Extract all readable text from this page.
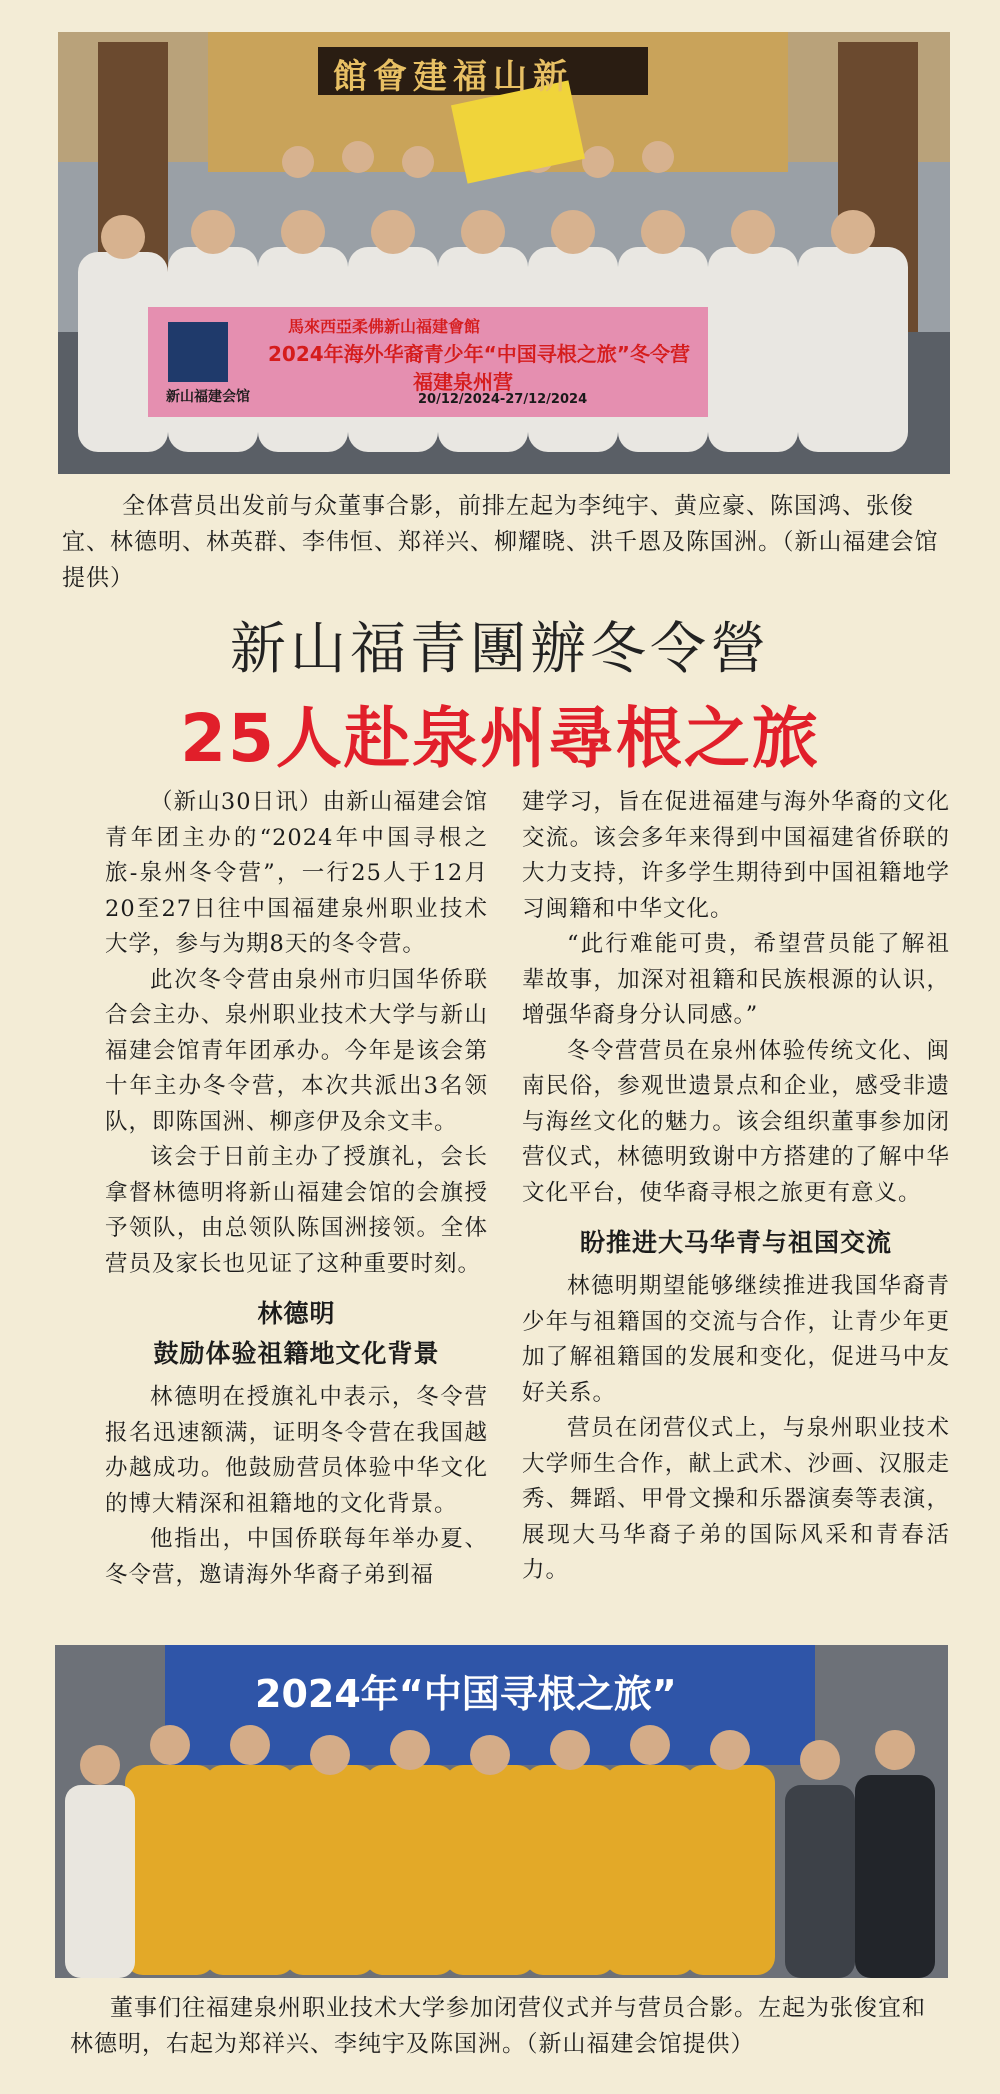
館會建福山新
馬來西亞柔佛新山福建會館
2024年海外华裔青少年“中国寻根之旅”冬令营
福建泉州营
20/12/2024-27/12/2024
新山福建会馆
全体营员出发前与众董事合影，前排左起为李纯宇、黄应豪、陈国鸿、张俊宜、林德明、林英群、李伟恒、郑祥兴、柳耀晓、洪千恩及陈国洲。（新山福建会馆提供）
新山福青團辦冬令營
25人赴泉州尋根之旅

（新山30日讯）由新山福建会馆青年团主办的“2024年中国寻根之旅-泉州冬令营”，一行25人于12月20至27日往中国福建泉州职业技术大学，参与为期8天的冬令营。

此次冬令营由泉州市归国华侨联合会主办、泉州职业技术大学与新山福建会馆青年团承办。今年是该会第十年主办冬令营，本次共派出3名领队，即陈国洲、柳彦伊及余文丰。

该会于日前主办了授旗礼，会长拿督林德明将新山福建会馆的会旗授予领队，由总领队陈国洲接领。全体营员及家长也见证了这种重要时刻。

林德明
鼓励体验祖籍地文化背景

林德明在授旗礼中表示，冬令营报名迅速额满，证明冬令营在我国越办越成功。他鼓励营员体验中华文化的博大精深和祖籍地的文化背景。

他指出，中国侨联每年举办夏、冬令营，邀请海外华裔子弟到福

建学习，旨在促进福建与海外华裔的文化交流。该会多年来得到中国福建省侨联的大力支持，许多学生期待到中国祖籍地学习闽籍和中华文化。

“此行难能可贵，希望营员能了解祖辈故事，加深对祖籍和民族根源的认识，增强华裔身分认同感。”

冬令营营员在泉州体验传统文化、闽南民俗，参观世遗景点和企业，感受非遗与海丝文化的魅力。该会组织董事参加闭营仪式，林德明致谢中方搭建的了解中华文化平台，使华裔寻根之旅更有意义。

盼推进大马华青与祖国交流

林德明期望能够继续推进我国华裔青少年与祖籍国的交流与合作，让青少年更加了解祖籍国的发展和变化，促进马中友好关系。

营员在闭营仪式上，与泉州职业技术大学师生合作，献上武术、沙画、汉服走秀、舞蹈、甲骨文操和乐器演奏等表演，展现大马华裔子弟的国际风采和青春活力。

2024年“中国寻根之旅”
董事们往福建泉州职业技术大学参加闭营仪式并与营员合影。左起为张俊宜和林德明，右起为郑祥兴、李纯宇及陈国洲。（新山福建会馆提供）
